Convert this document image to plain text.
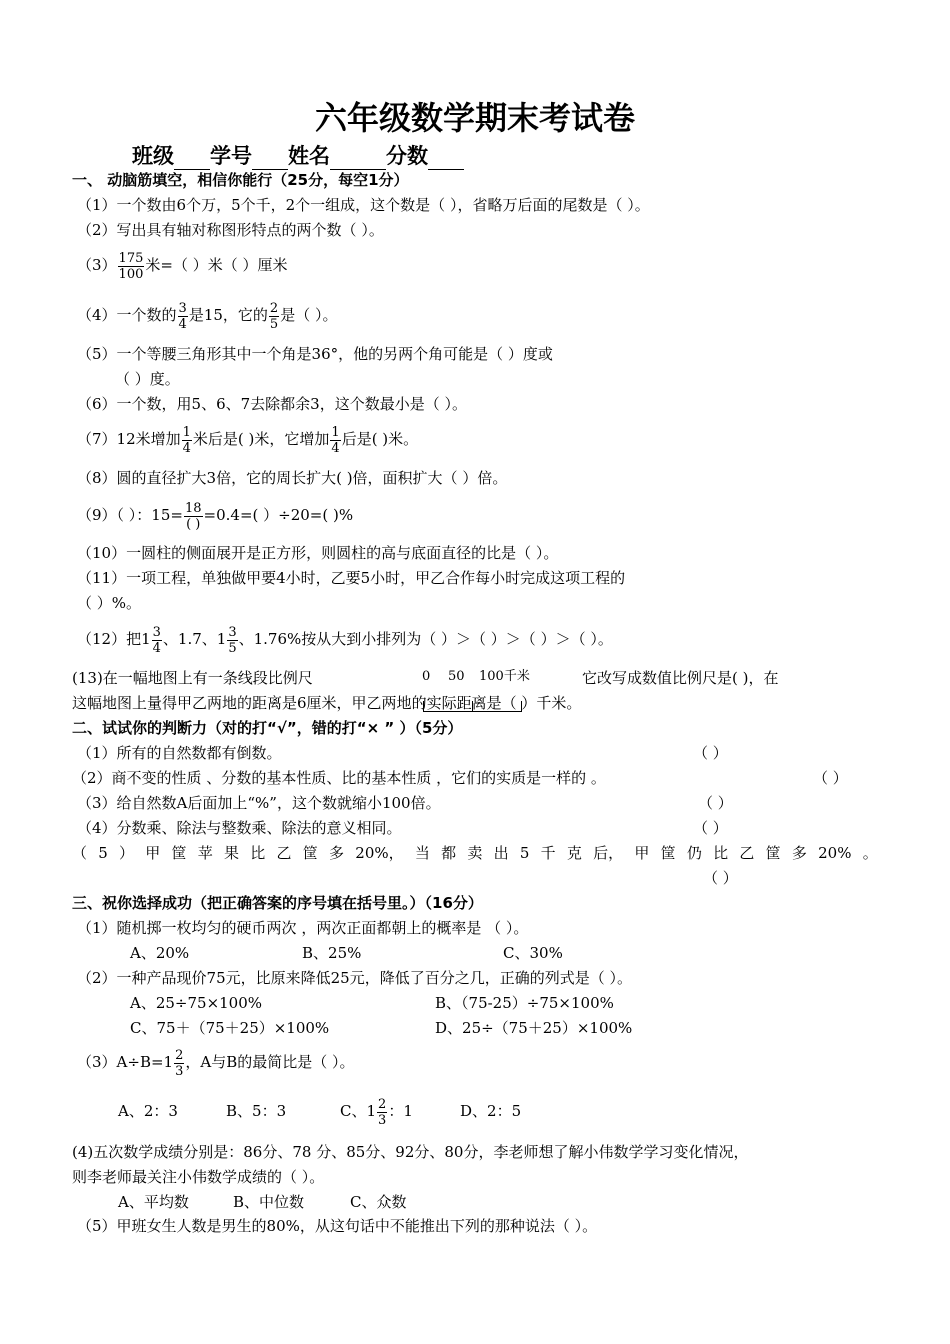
六年级数学期末考试卷
班级 学号 姓名	分数
一、 动脑筋填空，相信你能行（25分，每空1分）
（1）一个数由6个万，5个千，2个一组成，这个数是（ ），省略万后面的尾数是（ ）。
（2）写出具有轴对称图形特点的两个数（ ）。
$(3) \frac{175}{100}$ 米=（ ）米（ ）厘米
（4）一个数的 $\frac{3}{4}$ 是15，它的 $\frac{2}{5}$ 是（ ）。
（5）一个等腰三角形其中一个角是36°，他的另两个角可能是（ ）度或
（ ）度。
（6）一个数，用5、6、7去除都余3，这个数最小是（ ）。
（7）12米增加 $\frac{1}{4}$ 米后是( )米，它增加 $\frac{1}{4}$ 后是( )米。
（8）圆的直径扩大3倍，它的周长扩大( )倍，面积扩大（ ）倍。
（9）（ ）：$15= \frac{18}{( )} =0.4=$( ）÷20=( )%
（10）一圆柱的侧面展开是正方形，则圆柱的高与底面直径的比是（ ）。
（11）一项工程，单独做甲要4小时，乙要5小时，甲乙合作每小时完成这项工程的
（ ）%。
（12）把$1 \frac{3}{4}$ 、1.7、$1 \frac{3}{5}$ 、1.76%按从大到小排列为（ ）＞（ ）＞（ ）＞（ ）。
(13)在一幅地图上有一条线段比例尺	0 50 100千米	它改写成数值比例尺是( )，在
这幅地图上量得甲乙两地的距离是6厘米，甲乙两地的实际距离是（ ）千米。
二、试试你的判断力（对的打“√”，错的打“× ” ）（5分）
（1）所有的自然数都有倒数。	（ ）
（2）商不变的性质 、分数的基本性质、比的基本性质 ，它们的实质是一样的 。	（ ）
（3）给自然数A后面加上“%”，这个数就缩小100倍。	（ ）
（4）分数乘、除法与整数乘、除法的意义相同。	（ ）
（ 5 ） 甲 筐 苹 果 比 乙 筐 多 20%， 当 都 卖 出 5 千 克 后， 甲 筐 仍 比 乙 筐 多 20% 。
（ ）
三、祝你选择成功（把正确答案的序号填在括号里。）（16分）
（1）随机掷一枚均匀的硬币两次 ，两次正面都朝上的概率是 （ ）。
A、20%	B、25%	C、30%
（2）一种产品现价75元，比原来降低25元，降低了百分之几，正确的列式是（ ）。
A、25÷75×100%	B、（75-25）÷75×100%
C、75＋（75＋25）×100%	D、25÷（75＋25）×100%
$(3)A\div B=1 \frac{2}{3}$ ，A与B的最简比是（ ）。
A、2：3	B、5：3	C、$1 \frac{2}{3}$ ：1	D、2：5
(4)五次数学成绩分别是：86分、78 分、85分、92分、80分，李老师想了解小伟数学学习变化情况，
则李老师最关注小伟数学成绩的（ ）。
A、平均数	B、中位数	C、众数
（5）甲班女生人数是男生的80%，从这句话中不能推出下列的那种说法（ ）。
